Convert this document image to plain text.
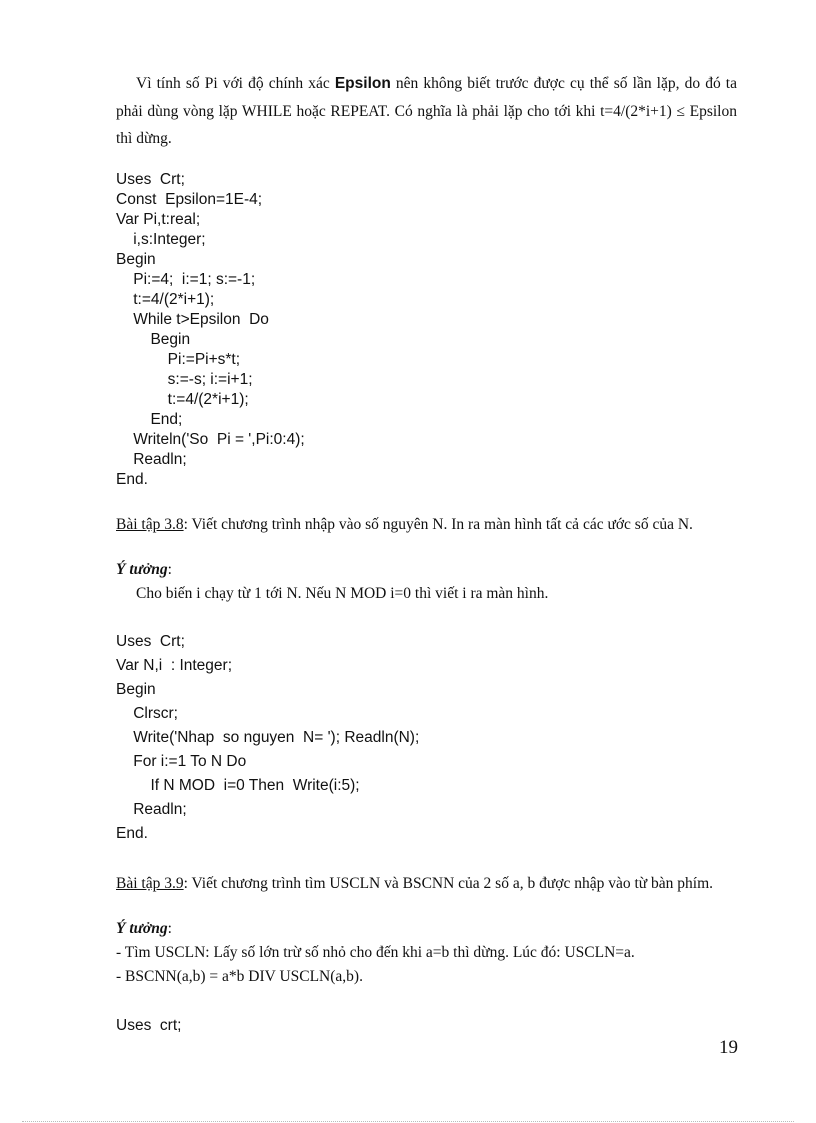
Vì tính số Pi với độ chính xác Epsilon nên không biết trước được cụ thể số lần lặp, do đó ta phải dùng vòng lặp WHILE hoặc REPEAT. Có nghĩa là phải lặp cho tới khi t=4/(2*i+1) ≤ Epsilon thì dừng.
Uses  Crt;
Const  Epsilon=1E-4;
Var Pi,t:real;
i,s:Integer;
Begin
Pi:=4;  i:=1; s:=-1;
t:=4/(2*i+1);
While t>Epsilon  Do
Begin
Pi:=Pi+s*t;
s:=-s; i:=i+1;
t:=4/(2*i+1);
End;
Writeln('So  Pi = ',Pi:0:4);
Readln;
End.
Bài tập 3.8: Viết chương trình nhập vào số nguyên N. In ra màn hình tất cả các ước số của N.
Ý tưởng:
Cho biến i chạy từ 1 tới N. Nếu N MOD i=0 thì viết i ra màn hình.
Uses  Crt;
Var N,i  : Integer;
Begin
Clrscr;
Write('Nhap  so nguyen  N= '); Readln(N);
For i:=1 To N Do
If N MOD  i=0 Then  Write(i:5);
Readln;
End.
Bài tập 3.9: Viết chương trình tìm USCLN và BSCNN của 2 số a, b được nhập vào từ bàn phím.
Ý tưởng:
- Tìm USCLN: Lấy số lớn trừ số nhỏ cho đến khi a=b thì dừng. Lúc đó: USCLN=a.
- BSCNN(a,b) = a*b DIV USCLN(a,b).
Uses  crt;
19
